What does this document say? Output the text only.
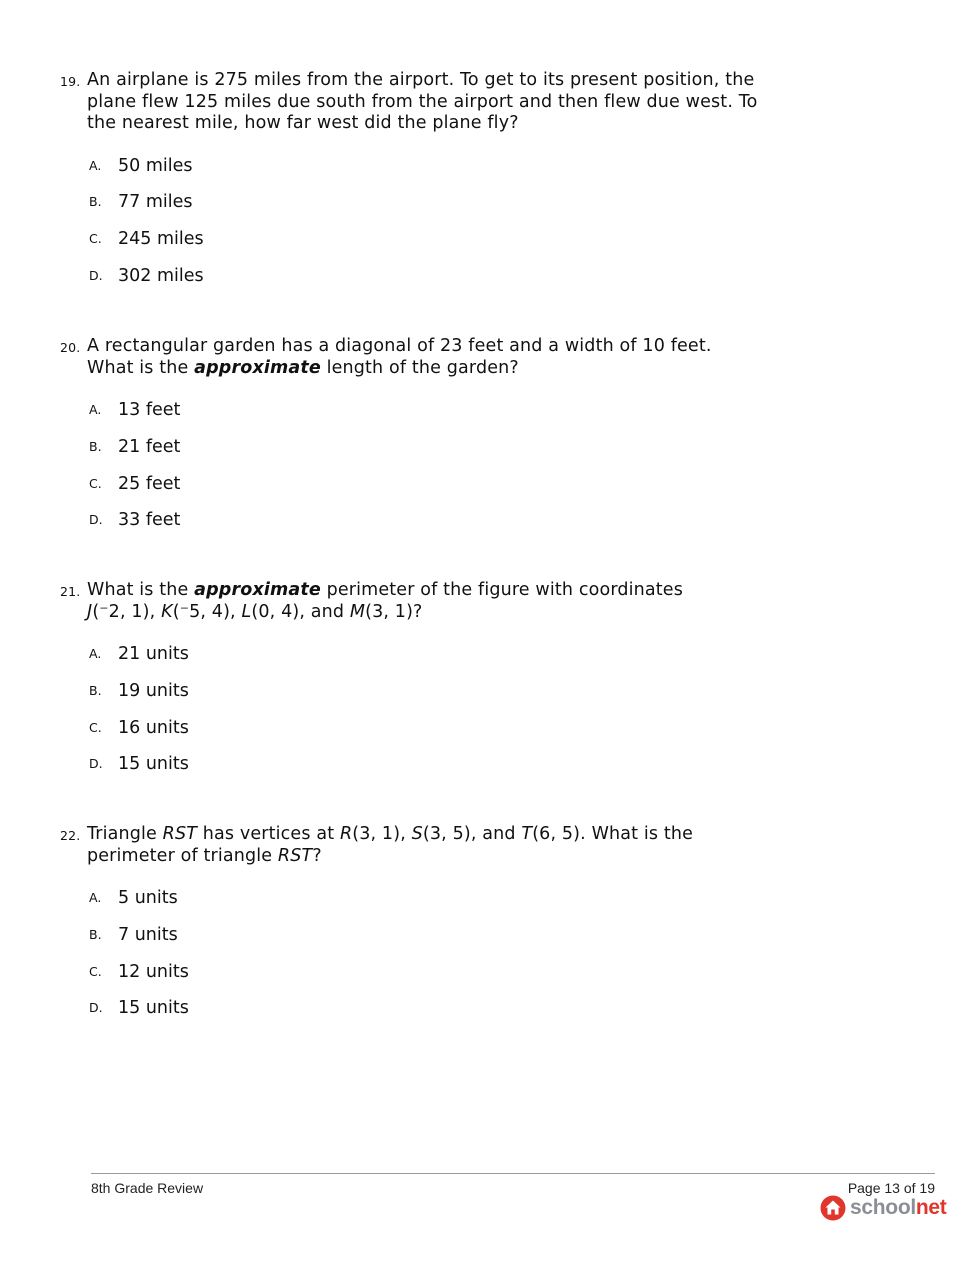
19. An airplane is 275 miles from the airport. To get to its present position, the plane flew 125 miles due south from the airport and then flew due west. To the nearest mile, how far west did the plane fly?
A. 50 miles
B. 77 miles
C. 245 miles
D. 302 miles
20. A rectangular garden has a diagonal of 23 feet and a width of 10 feet. What is the approximate length of the garden?
A. 13 feet
B. 21 feet
C. 25 feet
D. 33 feet
21. What is the approximate perimeter of the figure with coordinates
J(⁻2, 1), K(⁻5, 4), L(0, 4), and M(3, 1)?
A. 21 units
B. 19 units
C. 16 units
D. 15 units
22. Triangle RST has vertices at R(3, 1), S(3, 5), and T(6, 5). What is the perimeter of triangle RST?
A. 5 units
B. 7 units
C. 12 units
D. 15 units
8th Grade Review	Page 13 of 19
schoolnet
